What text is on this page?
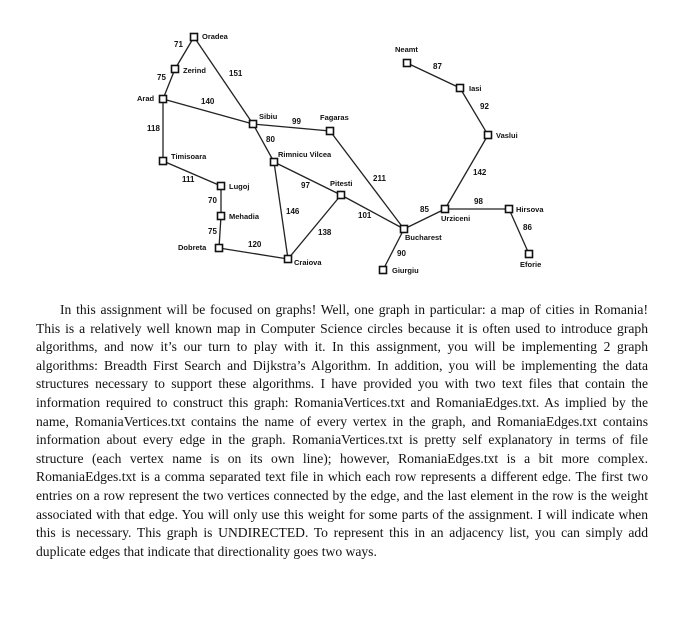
Oradea
Zerind
Arad
Timisoara
Lugoj
Mehadia
Dobreta
Craiova
Sibiu
Rimnicu Vilcea
Fagaras
Pitesti
Bucharest
Giurgiu
Urziceni
Hirsova
Eforie
Vaslui
Iasi
Neamt
71
75	151
140
118
111
70
75
120
99
80
97
146
138
211
101
90
85
98
86
142
92
87

In this assignment will be focused on graphs! Well, one graph in particular: a map of cities in Romania! This is a relatively well known map in Computer Science circles because it is often used to introduce graph algorithms, and now it’s our turn to play with it. In this assignment, you will be implementing 2 graph algorithms: Breadth First Search and Dijkstra’s Algorithm. In addition, you will be implementing the data structures necessary to support these algorithms. I have provided you with two text files that contain the information required to construct this graph: RomaniaVertices.txt and RomaniaEdges.txt. As implied by the name, RomaniaVertices.txt contains the name of every vertex in the graph, and RomaniaEdges.txt contains information about every edge in the graph. RomaniaVertices.txt is pretty self explanatory in terms of file structure (each vertex name is on its own line); however, RomaniaEdges.txt is a bit more complex. RomaniaEdges.txt is a comma separated text file in which each row represents a different edge. The first two entries on a row represent the two vertices connected by the edge, and the last element in the row is the weight associated with that edge. You will only use this weight for some parts of the assignment. I will indicate when this is necessary. This graph is UNDIRECTED. To represent this in an adjacency list, you can simply add duplicate edges that indicate that directionality goes two ways.
